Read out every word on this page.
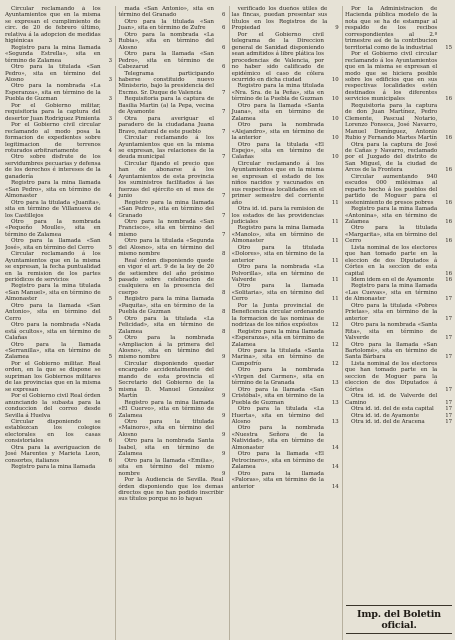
Circular reclamando á los Ayuntamientos que en la misma se expresan el cumplimiento de circ. de 20 de febrero último, relativa á la adopcion de medidas higiénicas	3

Registro para la mina llamada «Segunda Estrella», sita en término de Zalamea	3

Otro para la titulada «San Pedro», sita en término del Alosno	3

Otro para la nombrada «La Esperanza», sita en término de la Puebla de Guzman	3

Por el Gobierno militar, requisitoria para la captura del desertor Juan Rodriguez Pimienta	3

Por el Gobierno civil circular reclamando al modo posa la formacion de expedientes sobre legitimacion de terrenos roturados arbitrariamente	4

Otro sobre disfrute de los servidumbres pecuarias y defensa de los derechos é intereses de la ganadería	4

Registro para la mina llamada «San Pedro», sita en término de Almonaster	4

Otro para la titulada «Juanita», sita en término de Villanueva de los Castillejos	4

Otro para la nombrada «Pequeño Moulle», sita en término de Zalamea	4

Otro para la llamada «San José», sita en término del Cerro	5

Circular reclamando á los Ayuntamientos que en la misma se expresan, la fecha puntualidad en la remision de los partes periódicos de servicios	5

Registro para la mina titulada «San Manuel», sita en término de Almonaster	5

Otro para la llamada «San Antonio», sita en término del Cerro	5

Otro para la nombrada «Nada está ocultos», sita en término de Calañas	5

Otro para la llamada «Serranilla», sita en término de Zalamea	5

Por el Gobierno militar. Real orden, en la que se dispone se supriman los Gobiernos militares de las provincias que en la misma se expresan	5

Por el Gobierno civil Real órden anunciando la subasta para la conduccion del correo desde Sevilla á Huelva	6

Circular disponiendo se establezcan los colegios electorales en los casas consistoriales	6

Otra para la averiguacion de José Marentes y Marieta Leon, consortes, italianos	6

Registro para la mina llamada

mada «San Antonio», sita en término del Granado	6

Otro para la titulada «San Juan», sita en término de Zufre	6

Otro para la nombrada «La Rubia», sita en término del Alosno	6

Otro para la llamada «San Pedro», sita en término de Cabezarud	6

Telegrama participando haberse constituido nuevo Ministerio, bajo la presidencia del Excmo. Sr. Duque de Valencia	7

Requisitoria para la captura de Basilia Martin (a) la Pepa, vecina de Ayamonte	7

Otra para averiguar el paradero de la ciudadana Juana Bravo, natural de este pueblo	7

Circular reclamando á los Ayuntamientos que en la misma se expresan, las relaciones de la deuda municipal	7

Circular fijando el precio que han de abonarse á los Ayuntamientos de esta provincia los suministros facilitados á las fuerzas del ejército en el mes de junio	7

Registro para la mina llamada «San Pedro», sita en término del Granado	7

Otro para la nombrada «San Francisco», sita en término del mismo	7

Otro para la titulada «Segunda del Alosno», sita en término del mismo nombre	8

Real órden disponiendo quede en vigor el art. 9 de la ley de 20 de setiembre del año próximo pasado sobre celebracion de cualquiera en la presencia del cuerpo	8

Registro para la mina llamada «Paquita», sita en término de la Puebla de Guzman	8

Otro para la titulada «La Felicidad», sita en término de Zalamea	8

Otro para la nombrada «Ampliacion á la primera del Alosno», sita en término del mismo nombre	9

Circular disponiendo quedar encargado accidentalmente del mando de esta provincia el Secretario del Gobierno de la misma D. Manuel González Martín	9

Registro para la mina llamada «El Cuervo», sita en término de Zalamea	9

Otro para la titulada «Mainoro», sita en término del Alosno	9

Otro para la nombrada Santa Isabel, sita en término de Zalamea	9

Otro para la llamada «Emilia», sita en término del mismo nombre	9

Por la Audiencia de Sevilla. Real órden disponiendo que los demas directos que no han podido inscribir sus títulos porque no lo hayan

verificado los dueños útiles de las fincas, puedan presentar sus títulos en los Registros de la Propiedad	9

Por el Gobierno civil telegrama de la Direccion general de Sanidad disponiendo sean admitidos á libre plática los procedencias de Valencia, por no haber sido calificado de epidémico el caso de cólera ocurrido en dicha ciudad	10

Registro para la mina titulada «Nra. Sra. de la Peña», sita en término de la Puebla de Guzman	10

Otro para la llamada «Santa Juana», sita en término de Zalamea	10

Otro para la nombrada «Alejandro», sita en término de la anterior	10

Otro para la titulada «El Espejo», sita en término de Calañas	10

Circular reclamando á los Ayuntamientos que en la misma se expresan el estado de los niños nacidos y vacunados en sus respectivas localidades en el primer semestre del corriente año	11

Otra id. id. para la remision de los estados de las providencias judiciales	11

Registro para la mina llamada «Manolo», sita en término de Almonaster	11

Otro para la titulada «Dolores», sita en término de la anterior	11

Otro para la nombrada «La Polvorilla», sita en término de Valverde	11

Otro para la llamada «Solitaria», sita en término del Cerro	11

Por la Junta provincial de Beneficencia circular ordenando la formacion de las nominas de nodrizas de los niños expósitos	12

Registro para la mina llamada «Esperanza», sita en término de Zalamea	12

Otro para la titulada «Santa Marina», sita en término de Campofrío	12

Otro para la nombrada «Virgen del Carmen», sita en término de la Granada	13

Otro para la llamada «San Cristóbal», sita en término de la Puebla de Guzman	13

Otro para la titulada «La Huerta», sita en término del Alosno	13

Otro para la nombrada «Nuestra Señora de la Natividad», sita en término de Almonaster	14

Otro para la llamada «El Petrocinero», sita en término de Zalamea	14

Otro para la llamada «Paloras», sita en término de la anterior	14

Por la Administracion de Hacienda pública modelo de la nota que se ha de estampar al respaldo de los recibos correspondientes al 2.º trimestre así de la contribucion territorial como de la industrial	15

Por el Gobierno civil circular reclamando á los Ayuntamientos que en la misma se expresan el modo que se hiciera posible sobre los edificios que en sus respectivas localidades estén destinados á los diferentes servicios municipales	16

Requisitoria para la captura de don Juan Martínez, Pedro Clemente, Pascual Notario, Lorenzo Fonseca, José Navarro, Manuel Domínguez, Antonio Rubio y Fernando Martes Martín	16

Otra para la captura de José de Cañas y Navarro, reclamado por el Juzgado del distrito de San Miguel, de la ciudad de Arcos de la Frontera	16

Circular aumentando 940 escudos 000 milésimas al reparto hecho á los pueblos del partido de Moguer para el sostenimiento de presos pobres	16

Registro para la mina llamada «Antonina», sita en término de Zalamea	16

Otro para la titulada «Margarita», sita en término del Cerro	16

Lista nominal de los electores que han tomado parte en la eleccion de dos Diputados á Córtes en la seccion de esta capital	16

Idem idem en el de Ayamonte	16

Registro para la mina llamada «Las Cuevas», sita en término de Almonaster	17

Otro para la titulada «Pobres Prietas», sita en término de la anterior	17

Otro para la nombrada «Santa Rita», sita en término de Valverde	17

Otro para la llamada «San Bartolomé», sita en término de Santa Bárbara	17

Lista nominal de los electores que han tomado parte en la seccion de Moguer para la eleccion de dos Diputados á Córtes	17

Otra id. id. de Valverde del Camino	17

Otra id. id. del de esta capital	17

Otra id. id. de Ayamonte	17

Otra id. id. del de Aracena	17

Imp. del Boletin oficial.
